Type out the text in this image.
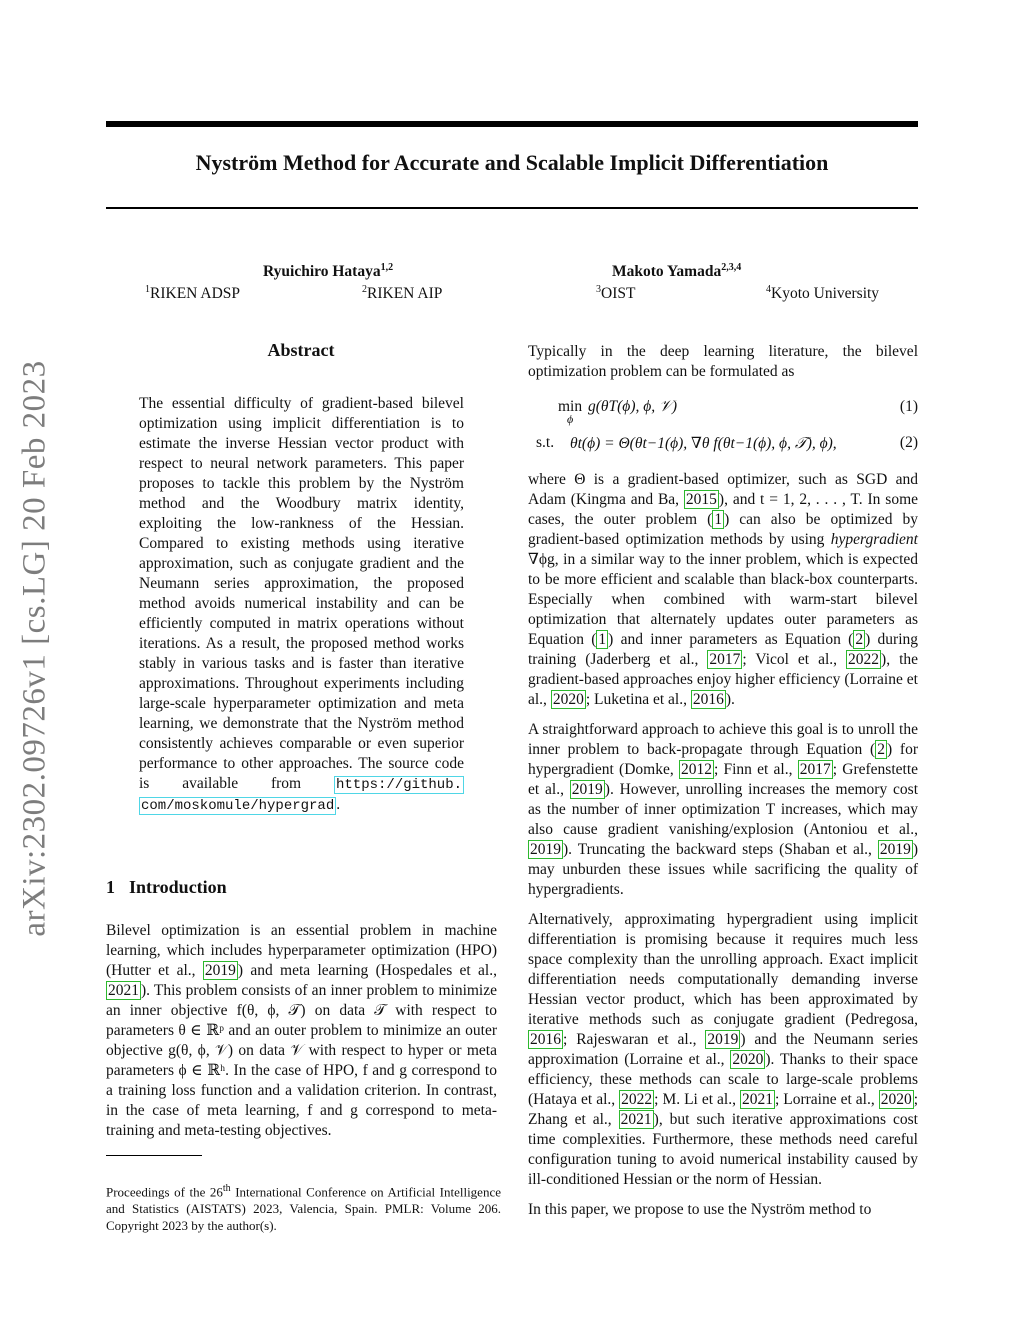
Nyström Method for Accurate and Scalable Implicit Differentiation
arXiv:2302.09726v1 [cs.LG] 20 Feb 2023
Ryuichiro Hataya$^{1,2}$	Makoto Yamada$^{2,3,4}$
$^1$RIKEN ADSP	$^2$RIKEN AIP	$^3$OIST	$^4$Kyoto University
Abstract
The essential difficulty of gradient-based bilevel optimization using implicit differentiation is to estimate the inverse Hessian vector product with respect to neural network parameters. This paper proposes to tackle this problem by the Nyström method and the Woodbury matrix identity, exploiting the low-rankness of the Hessian. Compared to existing methods using iterative approximation, such as conjugate gradient and the Neumann series approximation, the proposed method avoids numerical instability and can be efficiently computed in matrix operations without iterations. As a result, the proposed method works stably in various tasks and is faster than iterative approximations. Throughout experiments including large-scale hyperparameter optimization and meta learning, we demonstrate that the Nyström method consistently achieves comparable or even superior performance to other approaches. The source code is available from https://github. com/moskomule/hypergrad .
1 Introduction
Bilevel optimization is an essential problem in machine learning, which includes hyperparameter optimization (HPO) (Hutter et al., 2019 ) and meta learning (Hospedales et al., 2021 ). This problem consists of an inner problem to minimize an inner objective f(θ, ϕ, 𝒯) on data 𝒯 with respect to parameters θ ∈ ℝᵖ and an outer problem to minimize an outer objective g(θ, ϕ, 𝒱) on data 𝒱 with respect to hyper or meta parameters ϕ ∈ ℝʰ. In the case of HPO, f and g correspond to a training loss function and a validation criterion. In contrast, in the case of meta learning, f and g correspond to meta-training and meta-testing objectives.
Proceedings of the 26th International Conference on Artificial Intelligence and Statistics (AISTATS) 2023, Valencia, Spain. PMLR: Volume 206. Copyright 2023 by the author(s).
Typically in the deep learning literature, the bilevel optimization problem can be formulated as
min
ϕ
g(θT(ϕ), ϕ, 𝒱)	(1)
s.t. θt(ϕ) = Θ(θt−1(ϕ), ∇θ f(θt−1(ϕ), ϕ, 𝒯), ϕ),	(2)

where Θ is a gradient-based optimizer, such as SGD and Adam (Kingma and Ba, 2015 ), and t = 1, 2, . . . , T. In some cases, the outer problem ( 1 ) can also be optimized by gradient-based optimization methods by using hypergradient ∇ϕg, in a similar way to the inner problem, which is expected to be more efficient and scalable than black-box counterparts. Especially when combined with warm-start bilevel optimization that alternately updates outer parameters as Equation ( 1 ) and inner parameters as Equation ( 2 ) during training (Jaderberg et al., 2017 ; Vicol et al., 2022 ), the gradient-based approaches enjoy higher efficiency (Lorraine et al., 2020 ; Luketina et al., 2016 ).

A straightforward approach to achieve this goal is to unroll the inner problem to back-propagate through Equation ( 2 ) for hypergradient (Domke, 2012 ; Finn et al., 2017 ; Grefenstette et al., 2019 ). However, unrolling increases the memory cost as the number of inner optimization T increases, which may also cause gradient vanishing/explosion (Antoniou et al., 2019 ). Truncating the backward steps (Shaban et al., 2019 ) may unburden these issues while sacrificing the quality of hypergradients.

Alternatively, approximating hypergradient using implicit differentiation is promising because it requires much less space complexity than the unrolling approach. Exact implicit differentiation needs computationally demanding inverse Hessian vector product, which has been approximated by iterative methods such as conjugate gradient (Pedregosa, 2016 ; Rajeswaran et al., 2019 ) and the Neumann series approximation (Lorraine et al., 2020 ). Thanks to their space efficiency, these methods can scale to large-scale problems (Hataya et al., 2022 ; M. Li et al., 2021 ; Lorraine et al., 2020 ; Zhang et al., 2021 ), but such iterative approximations cost time complexities. Furthermore, these methods need careful configuration tuning to avoid numerical instability caused by ill-conditioned Hessian or the norm of Hessian.

In this paper, we propose to use the Nyström method to
